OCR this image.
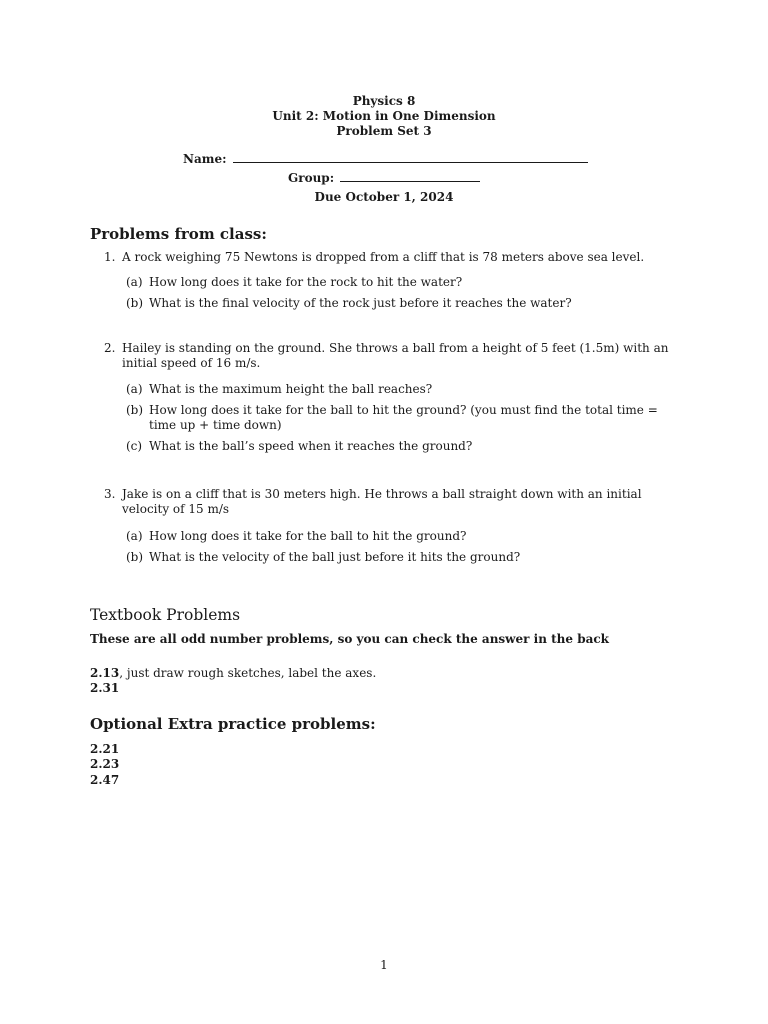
Physics 8
Unit 2: Motion in One Dimension
Problem Set 3
Name:
Group:
Due October 1, 2024
Problems from class:
1. A rock weighing 75 Newtons is dropped from a cliff that is 78 meters above sea level.
(a) How long does it take for the rock to hit the water?
(b) What is the final velocity of the rock just before it reaches the water?
2. Hailey is standing on the ground. She throws a ball from a height of 5 feet (1.5m) with an initial speed of 16 m/s.
(a) What is the maximum height the ball reaches?
(b) How long does it take for the ball to hit the ground? (you must find the total time = time up + time down)
(c) What is the ball’s speed when it reaches the ground?
3. Jake is on a cliff that is 30 meters high. He throws a ball straight down with an initial velocity of 15 m/s
(a) How long does it take for the ball to hit the ground?
(b) What is the velocity of the ball just before it hits the ground?
Textbook Problems
These are all odd number problems, so you can check the answer in the back
2.13, just draw rough sketches, label the axes.
2.31
Optional Extra practice problems:
2.21
2.23
2.47
1
